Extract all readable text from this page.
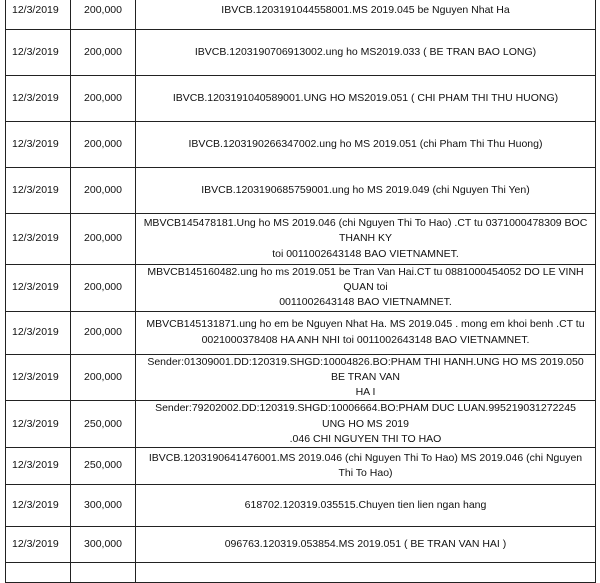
12/3/2019	200,000	IBVCB.1203191044558001.MS 2019.045 be Nguyen Nhat Ha

12/3/2019	200,000	IBVCB.1203190706913002.ung ho MS2019.033 ( BE TRAN BAO LONG)

12/3/2019	200,000	IBVCB.1203191040589001.UNG HO MS2019.051 ( CHI PHAM THI THU HUONG)

12/3/2019	200,000	IBVCB.1203190266347002.ung ho MS 2019.051 (chi Pham Thi Thu Huong)

12/3/2019	200,000	IBVCB.1203190685759001.ung ho MS 2019.049 (chi Nguyen Thi Yen)

12/3/2019	200,000	MBVCB145478181.Ung ho MS 2019.046 (chi Nguyen Thi To Hao) .CT tu 0371000478309 BOC THANH KY
toi 0011002643148 BAO VIETNAMNET.

12/3/2019	200,000	MBVCB145160482.ung ho ms 2019.051 be Tran Van Hai.CT tu 0881000454052 DO LE VINH QUAN toi
0011002643148 BAO VIETNAMNET.

12/3/2019	200,000	MBVCB145131871.ung ho em be Nguyen Nhat Ha. MS 2019.045 . mong em khoi benh .CT tu
0021000378408 HA ANH NHI toi 0011002643148 BAO VIETNAMNET.

12/3/2019	200,000	Sender:01309001.DD:120319.SHGD:10004826.BO:PHAM THI HANH.UNG HO MS 2019.050 BE TRAN VAN
HA I

12/3/2019	250,000	Sender:79202002.DD:120319.SHGD:10006664.BO:PHAM DUC LUAN.995219031272245 UNG HO MS 2019
.046 CHI NGUYEN THI TO HAO

12/3/2019	250,000	IBVCB.1203190641476001.MS 2019.046 (chi Nguyen Thi To Hao) MS 2019.046 (chi Nguyen Thi To Hao)

12/3/2019	300,000	618702.120319.035515.Chuyen tien lien ngan hang

12/3/2019	300,000	096763.120319.053854.MS 2019.051 ( BE TRAN VAN HAI )
